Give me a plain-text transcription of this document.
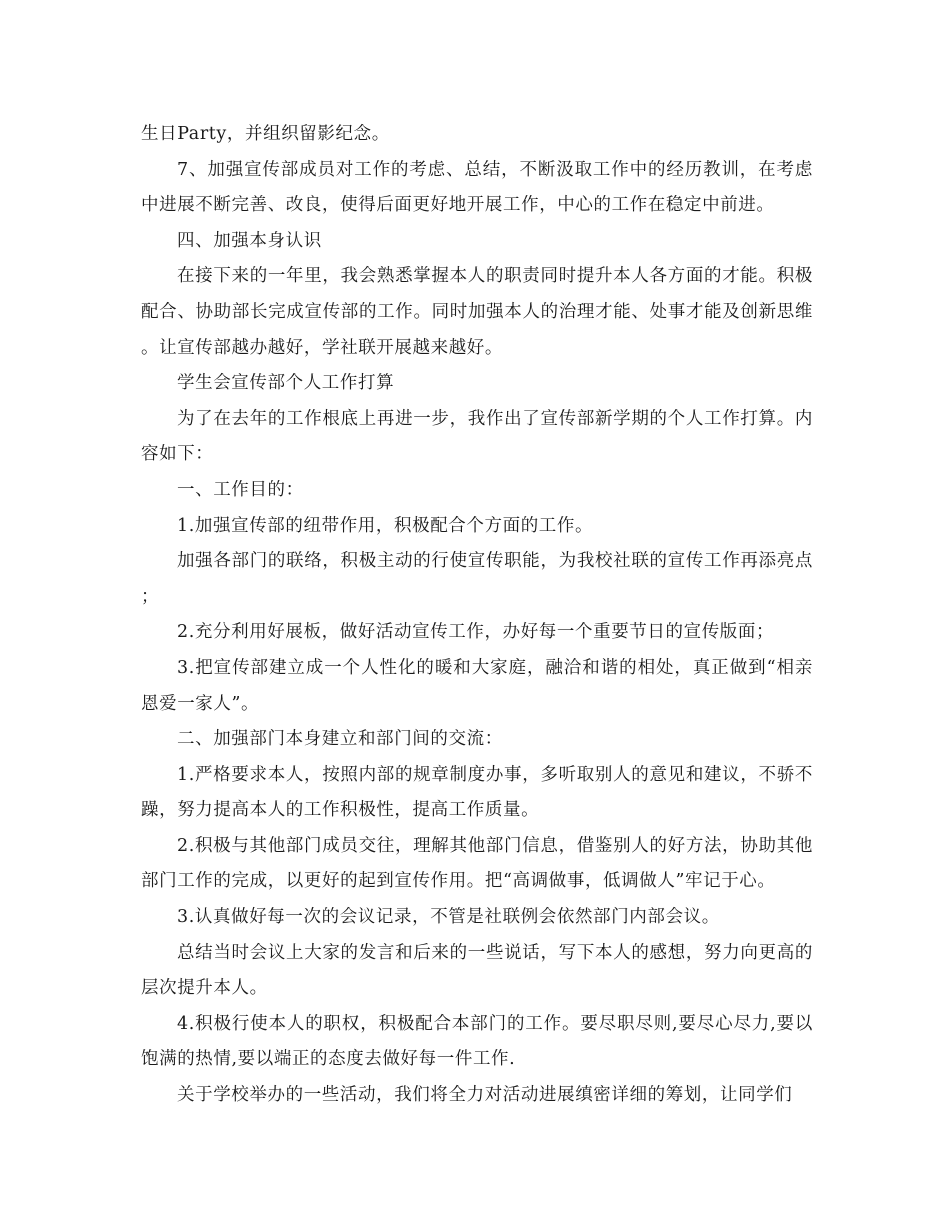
生日Party，并组织留影纪念。

7、加强宣传部成员对工作的考虑、总结，不断汲取工作中的经历教训，在考虑中进展不断完善、改良，使得后面更好地开展工作，中心的工作在稳定中前进。

四、加强本身认识

在接下来的一年里，我会熟悉掌握本人的职责同时提升本人各方面的才能。积极配合、协助部长完成宣传部的工作。同时加强本人的治理才能、处事才能及创新思维。让宣传部越办越好，学社联开展越来越好。

学生会宣传部个人工作打算

为了在去年的工作根底上再进一步，我作出了宣传部新学期的个人工作打算。内容如下：

一、工作目的：

1.加强宣传部的纽带作用，积极配合个方面的工作。

加强各部门的联络，积极主动的行使宣传职能，为我校社联的宣传工作再添亮点；

2.充分利用好展板，做好活动宣传工作，办好每一个重要节日的宣传版面；

3.把宣传部建立成一个人性化的暖和大家庭，融洽和谐的相处，真正做到“相亲恩爱一家人”。

二、加强部门本身建立和部门间的交流：

1.严格要求本人，按照内部的规章制度办事，多听取别人的意见和建议，不骄不躁，努力提高本人的工作积极性，提高工作质量。

2.积极与其他部门成员交往，理解其他部门信息，借鉴别人的好方法，协助其他部门工作的完成，以更好的起到宣传作用。把“高调做事，低调做人”牢记于心。

3.认真做好每一次的会议记录，不管是社联例会依然部门内部会议。

总结当时会议上大家的发言和后来的一些说话，写下本人的感想，努力向更高的层次提升本人。

4.积极行使本人的职权，积极配合本部门的工作。要尽职尽则,要尽心尽力,要以饱满的热情,要以端正的态度去做好每一件工作.

关于学校举办的一些活动，我们将全力对活动进展缜密详细的筹划，让同学们
